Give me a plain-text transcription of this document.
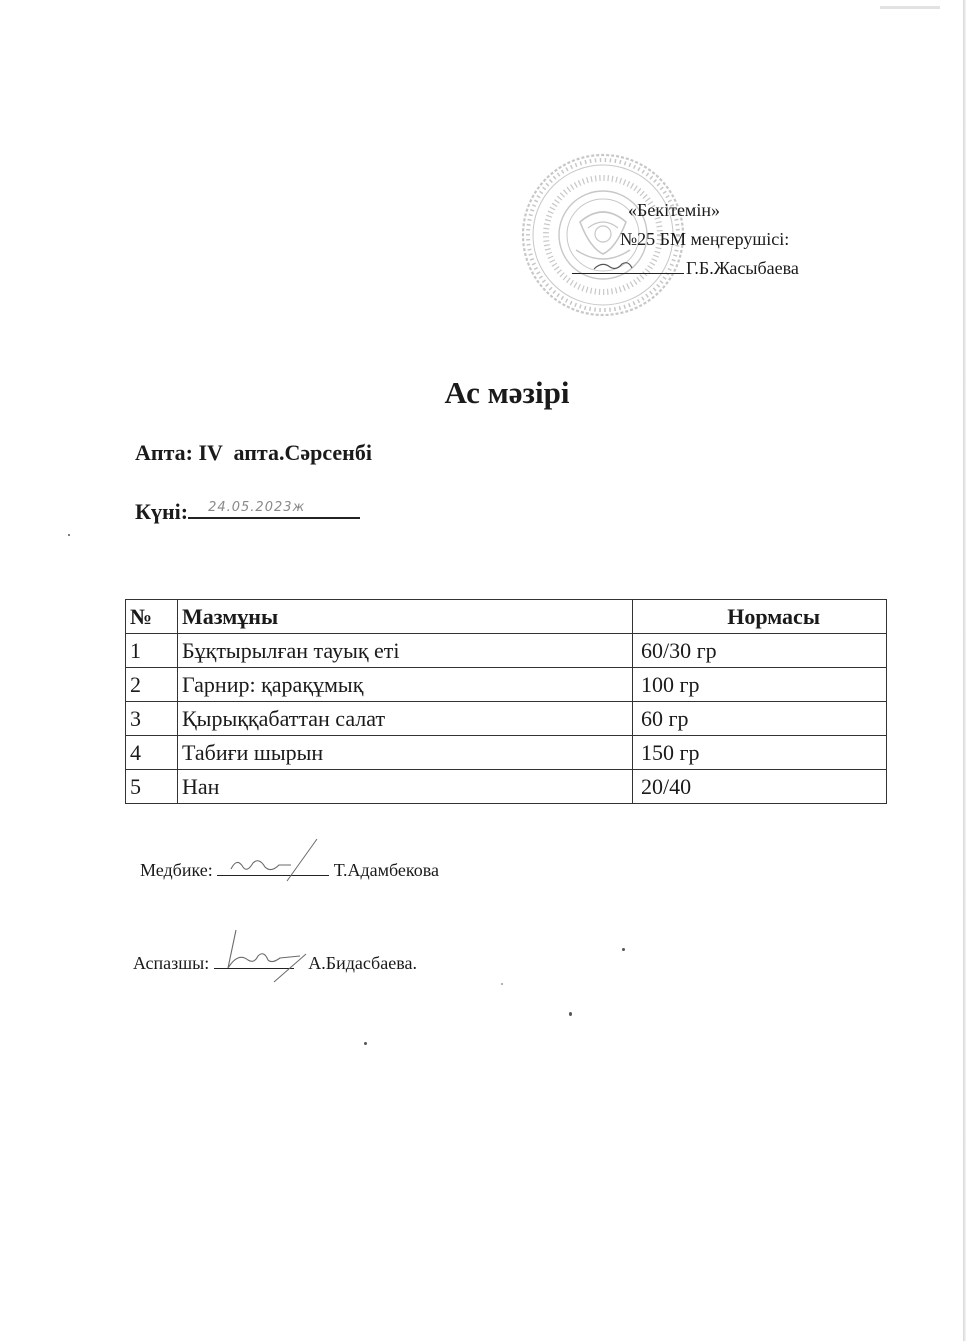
«Бекітемін»
№25 БМ меңгерушісі:
Г.Б.Жасыбаева
Ас мәзірі
Апта: IV  апта.Сәрсенбі
Күні: 24.05.2023ж
№	Мазмұны	Нормасы
1	Бұқтырылған тауық еті	60/30 гр
2	Гарнир: қарақұмық	100 гр
3	Қырыққабаттан салат	60 гр
4	Табиғи шырын	150 гр
5	Нан	20/40
Медбике:	Т.Адамбекова
Аспазшы:	А.Бидасбаева.
